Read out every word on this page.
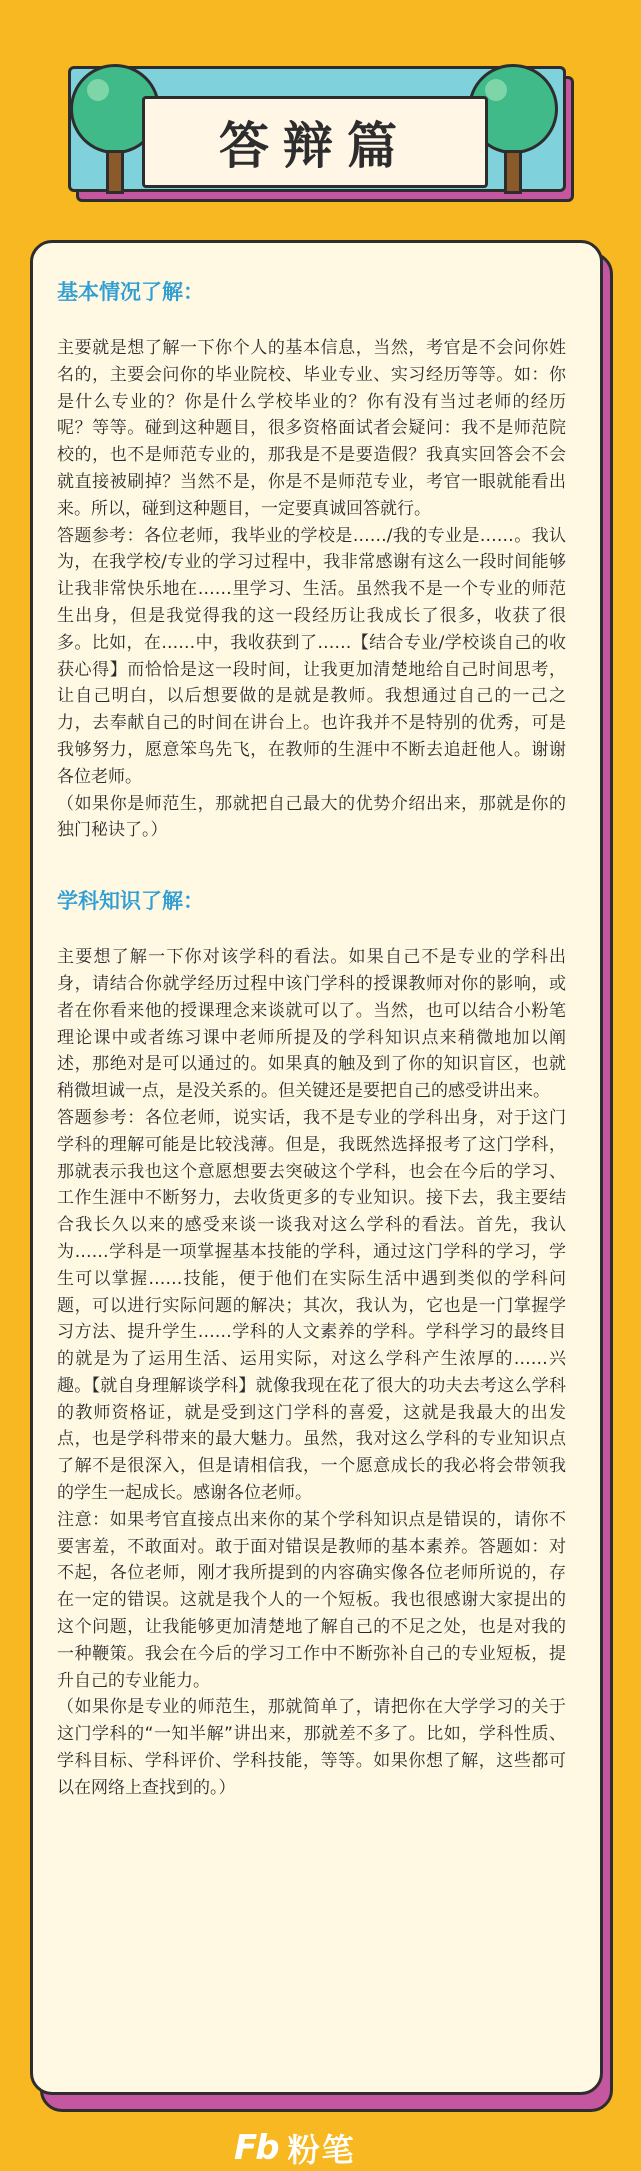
答辩篇
基本情况了解：

主要就是想了解一下你个人的基本信息，当然，考官是不会问你姓名的，主要会问你的毕业院校、毕业专业、实习经历等等。如：你是什么专业的？你是什么学校毕业的？你有没有当过老师的经历呢？等等。碰到这种题目，很多资格面试者会疑问：我不是师范院校的，也不是师范专业的，那我是不是要造假？我真实回答会不会就直接被刷掉？当然不是，你是不是师范专业，考官一眼就能看出来。所以，碰到这种题目，一定要真诚回答就行。

答题参考：各位老师，我毕业的学校是……/我的专业是……。我认为，在我学校/专业的学习过程中，我非常感谢有这么一段时间能够让我非常快乐地在……里学习、生活。虽然我不是一个专业的师范生出身，但是我觉得我的这一段经历让我成长了很多，收获了很多。比如，在……中，我收获到了……【结合专业/学校谈自己的收获心得】而恰恰是这一段时间，让我更加清楚地给自己时间思考，让自己明白，以后想要做的是就是教师。我想通过自己的一己之力，去奉献自己的时间在讲台上。也许我并不是特别的优秀，可是我够努力，愿意笨鸟先飞，在教师的生涯中不断去追赶他人。谢谢各位老师。

（如果你是师范生，那就把自己最大的优势介绍出来，那就是你的独门秘诀了。）

学科知识了解：

主要想了解一下你对该学科的看法。如果自己不是专业的学科出身，请结合你就学经历过程中该门学科的授课教师对你的影响，或者在你看来他的授课理念来谈就可以了。当然，也可以结合小粉笔理论课中或者练习课中老师所提及的学科知识点来稍微地加以阐述，那绝对是可以通过的。如果真的触及到了你的知识盲区，也就稍微坦诚一点，是没关系的。但关键还是要把自己的感受讲出来。

答题参考：各位老师，说实话，我不是专业的学科出身，对于这门学科的理解可能是比较浅薄。但是，我既然选择报考了这门学科，那就表示我也这个意愿想要去突破这个学科，也会在今后的学习、工作生涯中不断努力，去收货更多的专业知识。接下去，我主要结合我长久以来的感受来谈一谈我对这么学科的看法。首先，我认为……学科是一项掌握基本技能的学科，通过这门学科的学习，学生可以掌握……技能，便于他们在实际生活中遇到类似的学科问题，可以进行实际问题的解决；其次，我认为，它也是一门掌握学习方法、提升学生……学科的人文素养的学科。学科学习的最终目的就是为了运用生活、运用实际，对这么学科产生浓厚的……兴趣。【就自身理解谈学科】就像我现在花了很大的功夫去考这么学科的教师资格证，就是受到这门学科的喜爱，这就是我最大的出发点，也是学科带来的最大魅力。虽然，我对这么学科的专业知识点了解不是很深入，但是请相信我，一个愿意成长的我必将会带领我的学生一起成长。感谢各位老师。

注意：如果考官直接点出来你的某个学科知识点是错误的，请你不要害羞，不敢面对。敢于面对错误是教师的基本素养。答题如：对不起，各位老师，刚才我所提到的内容确实像各位老师所说的，存在一定的错误。这就是我个人的一个短板。我也很感谢大家提出的这个问题，让我能够更加清楚地了解自己的不足之处，也是对我的一种鞭策。我会在今后的学习工作中不断弥补自己的专业短板，提升自己的专业能力。

（如果你是专业的师范生，那就简单了，请把你在大学学习的关于这门学科的“一知半解”讲出来，那就差不多了。比如，学科性质、学科目标、学科评价、学科技能，等等。如果你想了解，这些都可以在网络上查找到的。）

Fb 粉笔
